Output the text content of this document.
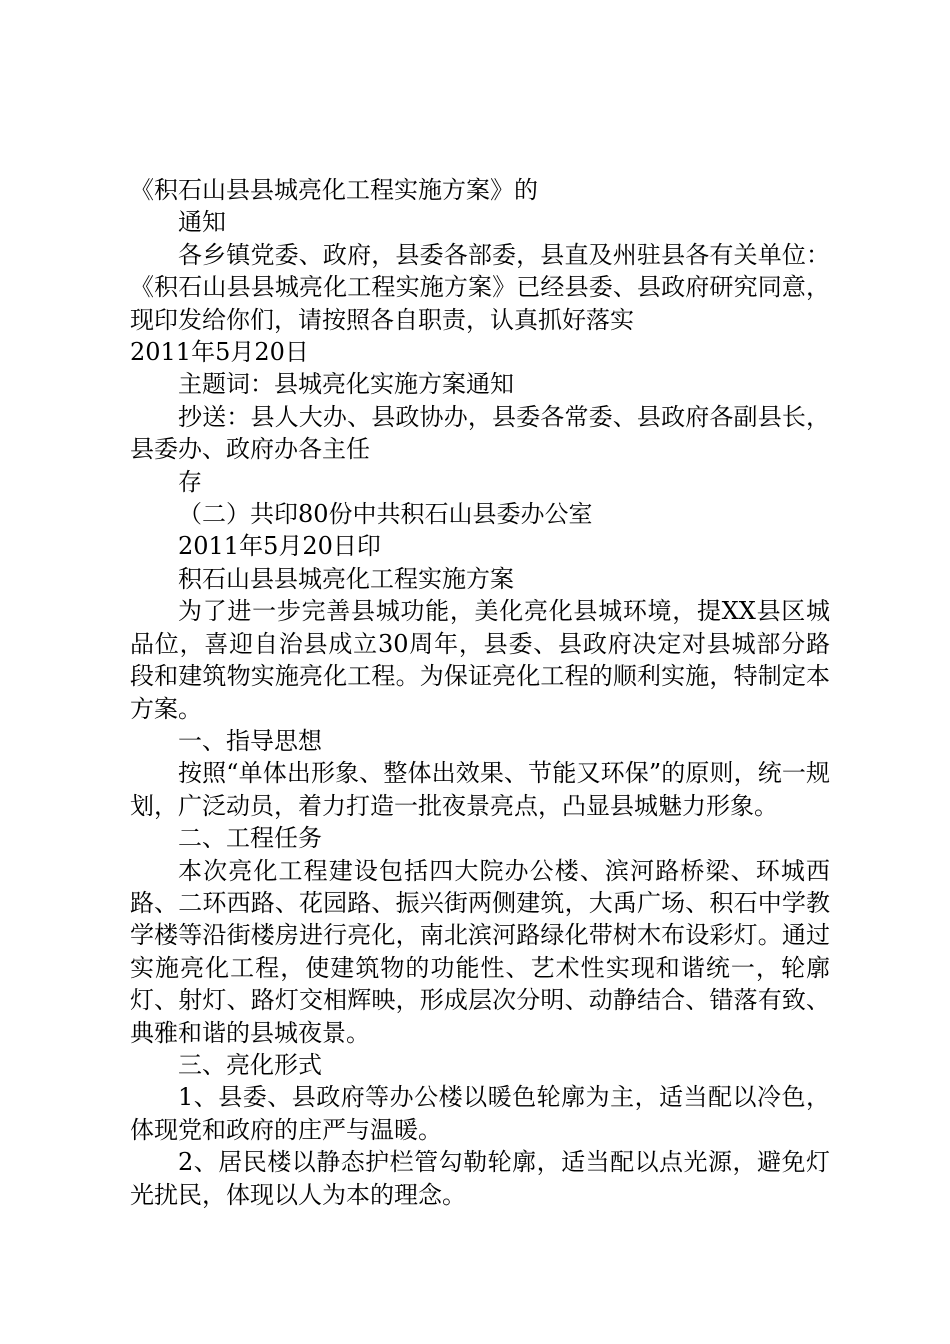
《积石山县县城亮化工程实施方案》的

通知

各乡镇党委、政府，县委各部委，县直及州驻县各有关单位：《积石山县县城亮化工程实施方案》已经县委、县政府研究同意，现印发给你们，请按照各自职责，认真抓好落实

2011年5月20日

主题词：县城亮化实施方案通知

抄送：县人大办、县政协办，县委各常委、县政府各副县长，县委办、政府办各主任

存

（二）共印80份中共积石山县委办公室

2011年5月20日印

积石山县县城亮化工程实施方案

为了进一步完善县城功能，美化亮化县城环境，提XX县区城品位，喜迎自治县成立30周年，县委、县政府决定对县城部分路段和建筑物实施亮化工程。为保证亮化工程的顺利实施，特制定本方案。

一、指导思想

按照“单体出形象、整体出效果、节能又环保”的原则，统一规划，广泛动员，着力打造一批夜景亮点，凸显县城魅力形象。

二、工程任务

本次亮化工程建设包括四大院办公楼、滨河路桥梁、环城西路、二环西路、花园路、振兴街两侧建筑，大禹广场、积石中学教学楼等沿街楼房进行亮化，南北滨河路绿化带树木布设彩灯。通过实施亮化工程，使建筑物的功能性、艺术性实现和谐统一，轮廓灯、射灯、路灯交相辉映，形成层次分明、动静结合、错落有致、典雅和谐的县城夜景。

三、亮化形式

1、县委、县政府等办公楼以暖色轮廓为主，适当配以冷色，体现党和政府的庄严与温暖。

2、居民楼以静态护栏管勾勒轮廓，适当配以点光源，避免灯光扰民，体现以人为本的理念。
